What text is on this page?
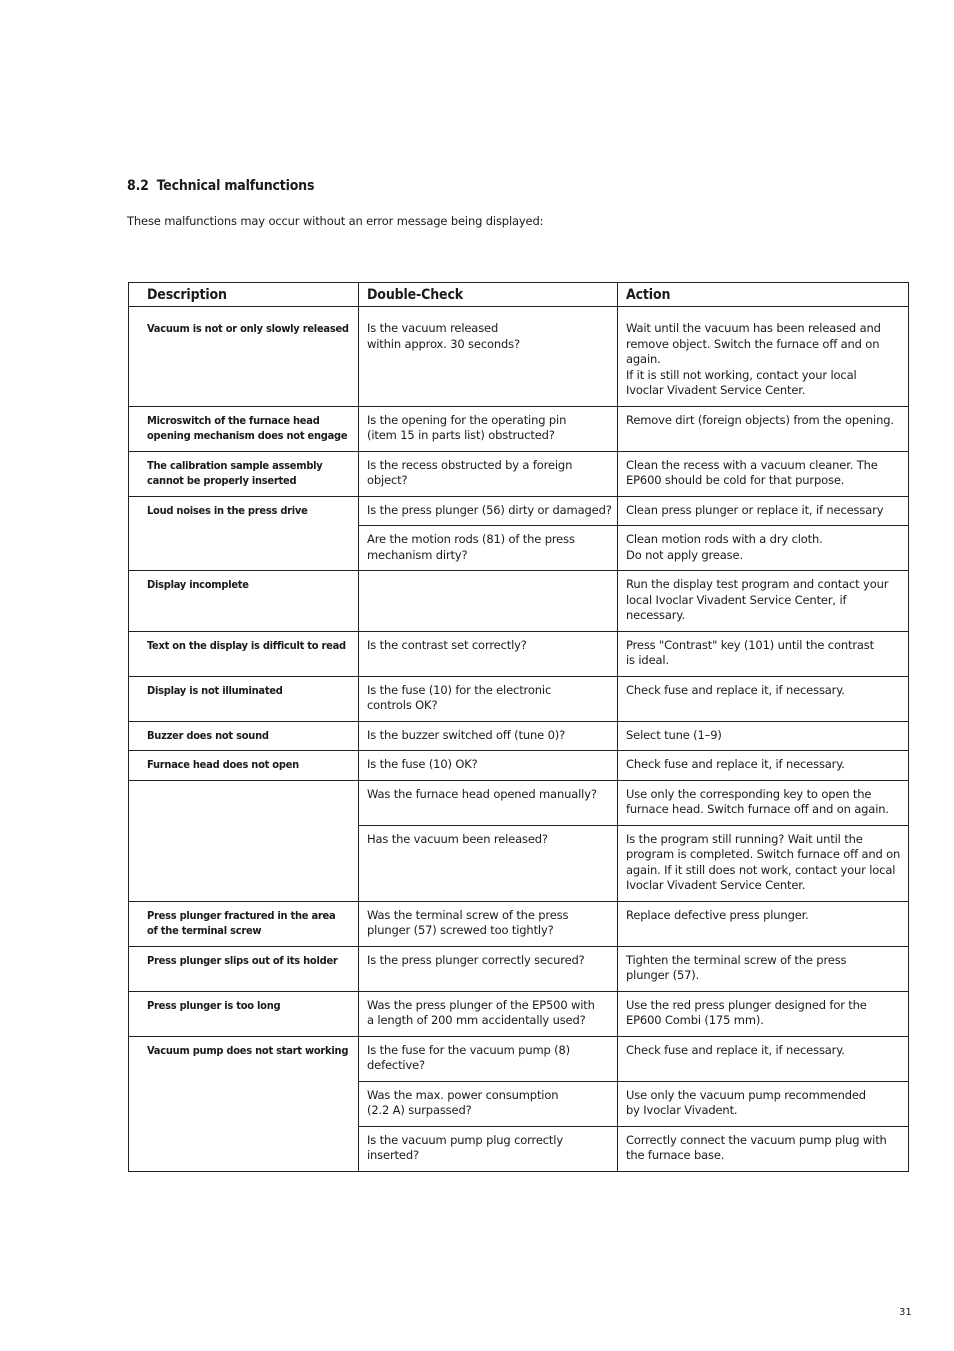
8.2 Technical malfunctions
These malfunctions may occur without an error message being displayed:
Description	Double-Check	Action
Vacuum is not or only slowly released	Is the vacuum released
within approx. 30 seconds?	Wait until the vacuum has been released and
remove object. Switch the furnace off and on again.
If it is still not working, contact your local
Ivoclar Vivadent Service Center.
Microswitch of the furnace head
opening mechanism does not engage	Is the opening for the operating pin
(item 15 in parts list) obstructed?	Remove dirt (foreign objects) from the opening.
The calibration sample assembly
cannot be properly inserted	Is the recess obstructed by a foreign object?	Clean the recess with a vacuum cleaner. The
EP600 should be cold for that purpose.
Loud noises in the press drive	Is the press plunger (56) dirty or damaged?	Clean press plunger or replace it, if necessary
	Are the motion rods (81) of the press
mechanism dirty?	Clean motion rods with a dry cloth.
Do not apply grease.
Display incomplete		Run the display test program and contact your
local Ivoclar Vivadent Service Center, if necessary.
Text on the display is difficult to read	Is the contrast set correctly?	Press "Contrast" key (101) until the contrast
is ideal.
Display is not illuminated	Is the fuse (10) for the electronic
controls OK?	Check fuse and replace it, if necessary.
Buzzer does not sound	Is the buzzer switched off (tune 0)?	Select tune (1–9)
Furnace head does not open	Is the fuse (10) OK?	Check fuse and replace it, if necessary.
	Was the furnace head opened manually?	Use only the corresponding key to open the
furnace head. Switch furnace off and on again.
	Has the vacuum been released?	Is the program still running? Wait until the
program is completed. Switch furnace off and on
again. If it still does not work, contact your local
Ivoclar Vivadent Service Center.
Press plunger fractured in the area
of the terminal screw	Was the terminal screw of the press
plunger (57) screwed too tightly?	Replace defective press plunger.
Press plunger slips out of its holder	Is the press plunger correctly secured?	Tighten the terminal screw of the press
plunger (57).
Press plunger is too long	Was the press plunger of the EP500 with
a length of 200 mm accidentally used?	Use the red press plunger designed for the
EP600 Combi (175 mm).
Vacuum pump does not start working	Is the fuse for the vacuum pump (8)
defective?	Check fuse and replace it, if necessary.
	Was the max. power consumption
(2.2 A) surpassed?	Use only the vacuum pump recommended
by Ivoclar Vivadent.
	Is the vacuum pump plug correctly
inserted?	Correctly connect the vacuum pump plug with
the furnace base.
31
